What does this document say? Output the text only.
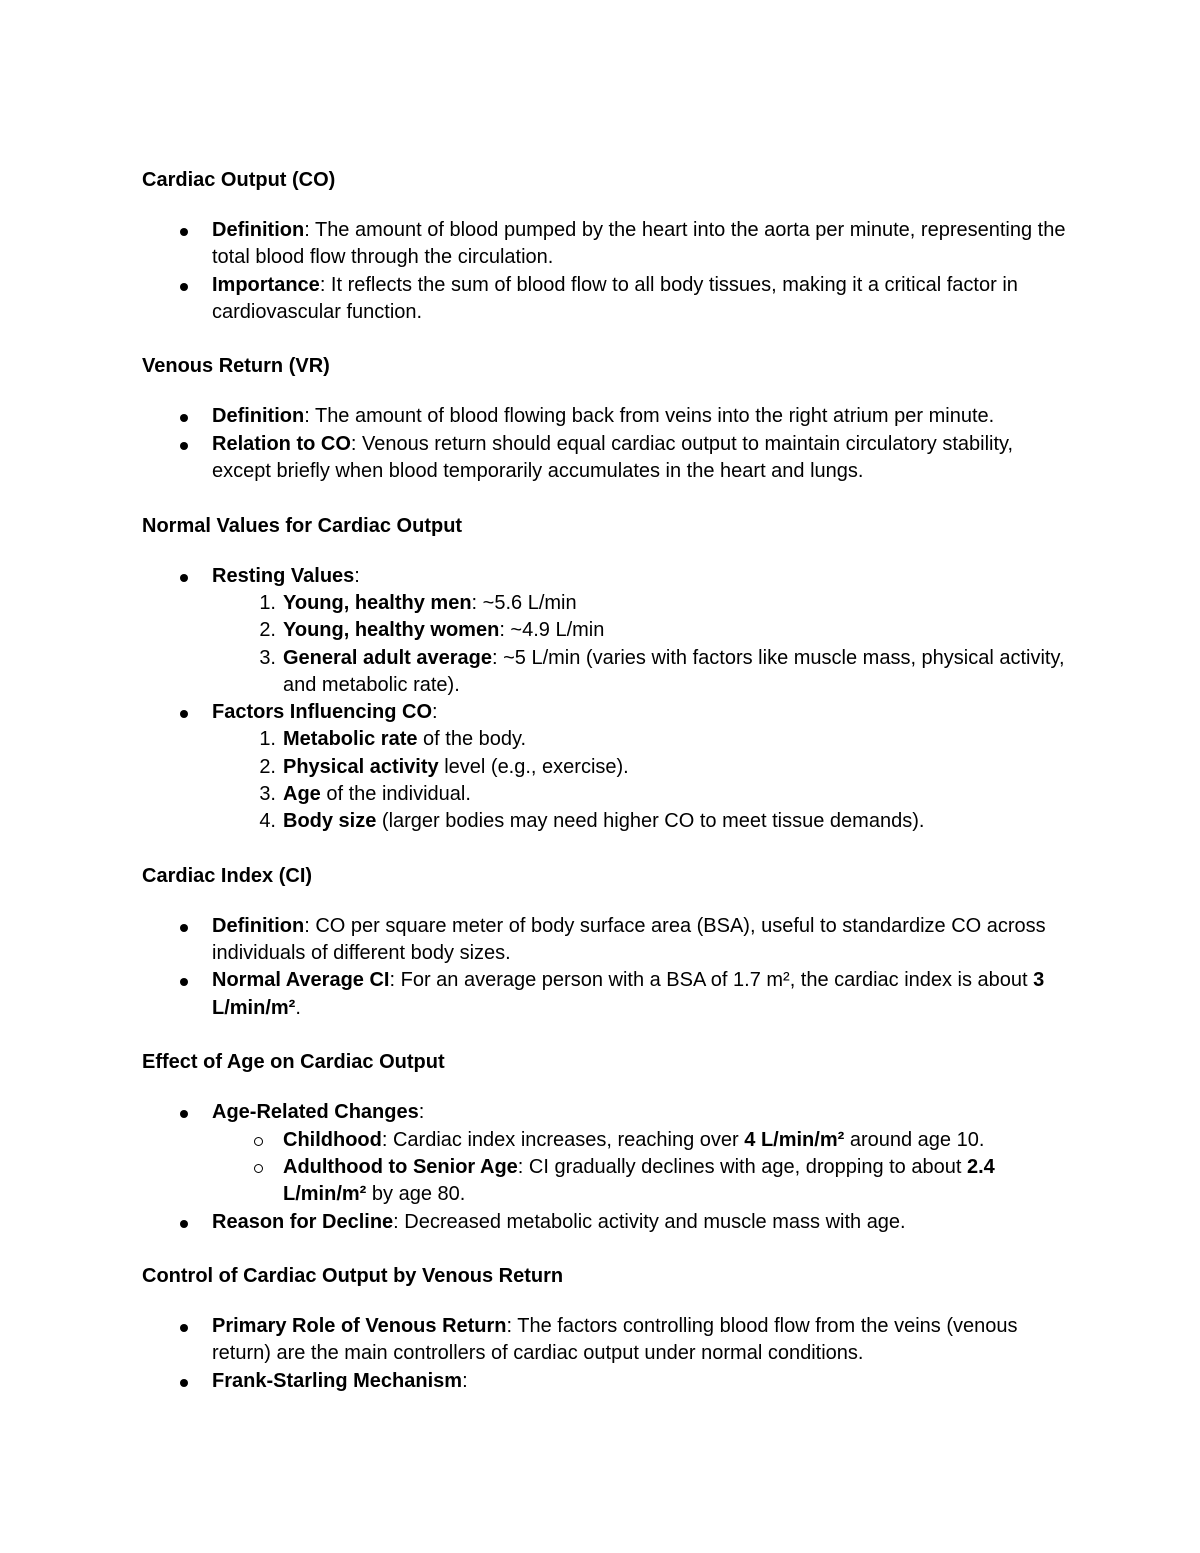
Cardiac Output (CO)
Definition: The amount of blood pumped by the heart into the aorta per minute, representing the total blood flow through the circulation.
Importance: It reflects the sum of blood flow to all body tissues, making it a critical factor in cardiovascular function.
Venous Return (VR)
Definition: The amount of blood flowing back from veins into the right atrium per minute.
Relation to CO: Venous return should equal cardiac output to maintain circulatory stability, except briefly when blood temporarily accumulates in the heart and lungs.
Normal Values for Cardiac Output
Resting Values:
1. Young, healthy men: ~5.6 L/min
2. Young, healthy women: ~4.9 L/min
3. General adult average: ~5 L/min (varies with factors like muscle mass, physical activity, and metabolic rate).
Factors Influencing CO:
1. Metabolic rate of the body.
2. Physical activity level (e.g., exercise).
3. Age of the individual.
4. Body size (larger bodies may need higher CO to meet tissue demands).
Cardiac Index (CI)
Definition: CO per square meter of body surface area (BSA), useful to standardize CO across individuals of different body sizes.
Normal Average CI: For an average person with a BSA of 1.7 m², the cardiac index is about 3 L/min/m².
Effect of Age on Cardiac Output
Age-Related Changes:
Childhood: Cardiac index increases, reaching over 4 L/min/m² around age 10.
Adulthood to Senior Age: CI gradually declines with age, dropping to about 2.4 L/min/m² by age 80.
Reason for Decline: Decreased metabolic activity and muscle mass with age.
Control of Cardiac Output by Venous Return
Primary Role of Venous Return: The factors controlling blood flow from the veins (venous return) are the main controllers of cardiac output under normal conditions.
Frank-Starling Mechanism:
